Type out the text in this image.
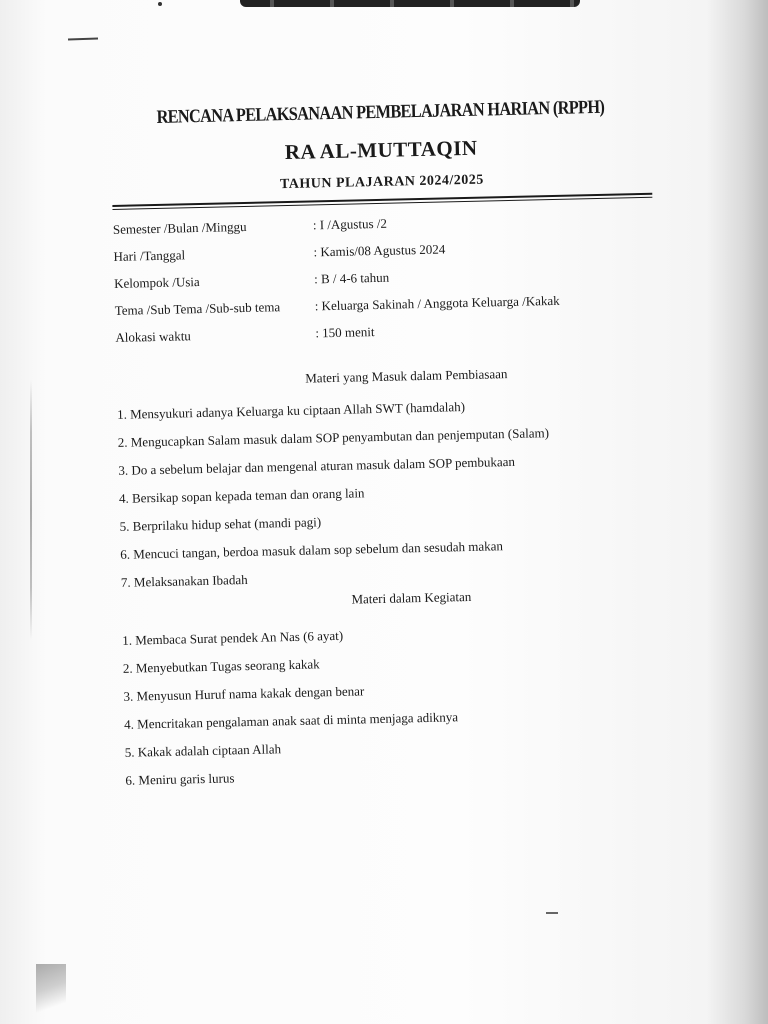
RENCANA PELAKSANAAN PEMBELAJARAN HARIAN (RPPH)
RA AL-MUTTAQIN
TAHUN PLAJARAN 2024/2025
Semester /Bulan /Minggu	: I /Agustus /2
Hari /Tanggal	: Kamis/08 Agustus 2024
Kelompok /Usia	: B / 4-6 tahun
Tema /Sub Tema /Sub-sub tema	: Keluarga Sakinah / Anggota Keluarga /Kakak
Alokasi waktu	: 150 menit
Materi yang Masuk dalam Pembiasaan
1. Mensyukuri adanya Keluarga ku ciptaan Allah SWT (hamdalah)
2. Mengucapkan Salam masuk dalam SOP penyambutan dan penjemputan (Salam)
3. Do a sebelum belajar dan mengenal aturan masuk dalam SOP pembukaan
4. Bersikap sopan kepada teman dan orang lain
5. Berprilaku hidup sehat (mandi pagi)
6. Mencuci tangan, berdoa masuk dalam sop sebelum dan sesudah makan
7. Melaksanakan Ibadah
Materi dalam Kegiatan
1. Membaca Surat pendek An Nas (6 ayat)
2. Menyebutkan Tugas seorang kakak
3. Menyusun Huruf nama kakak dengan benar
4. Mencritakan pengalaman anak saat di minta menjaga adiknya
5. Kakak adalah ciptaan Allah
6. Meniru garis lurus
